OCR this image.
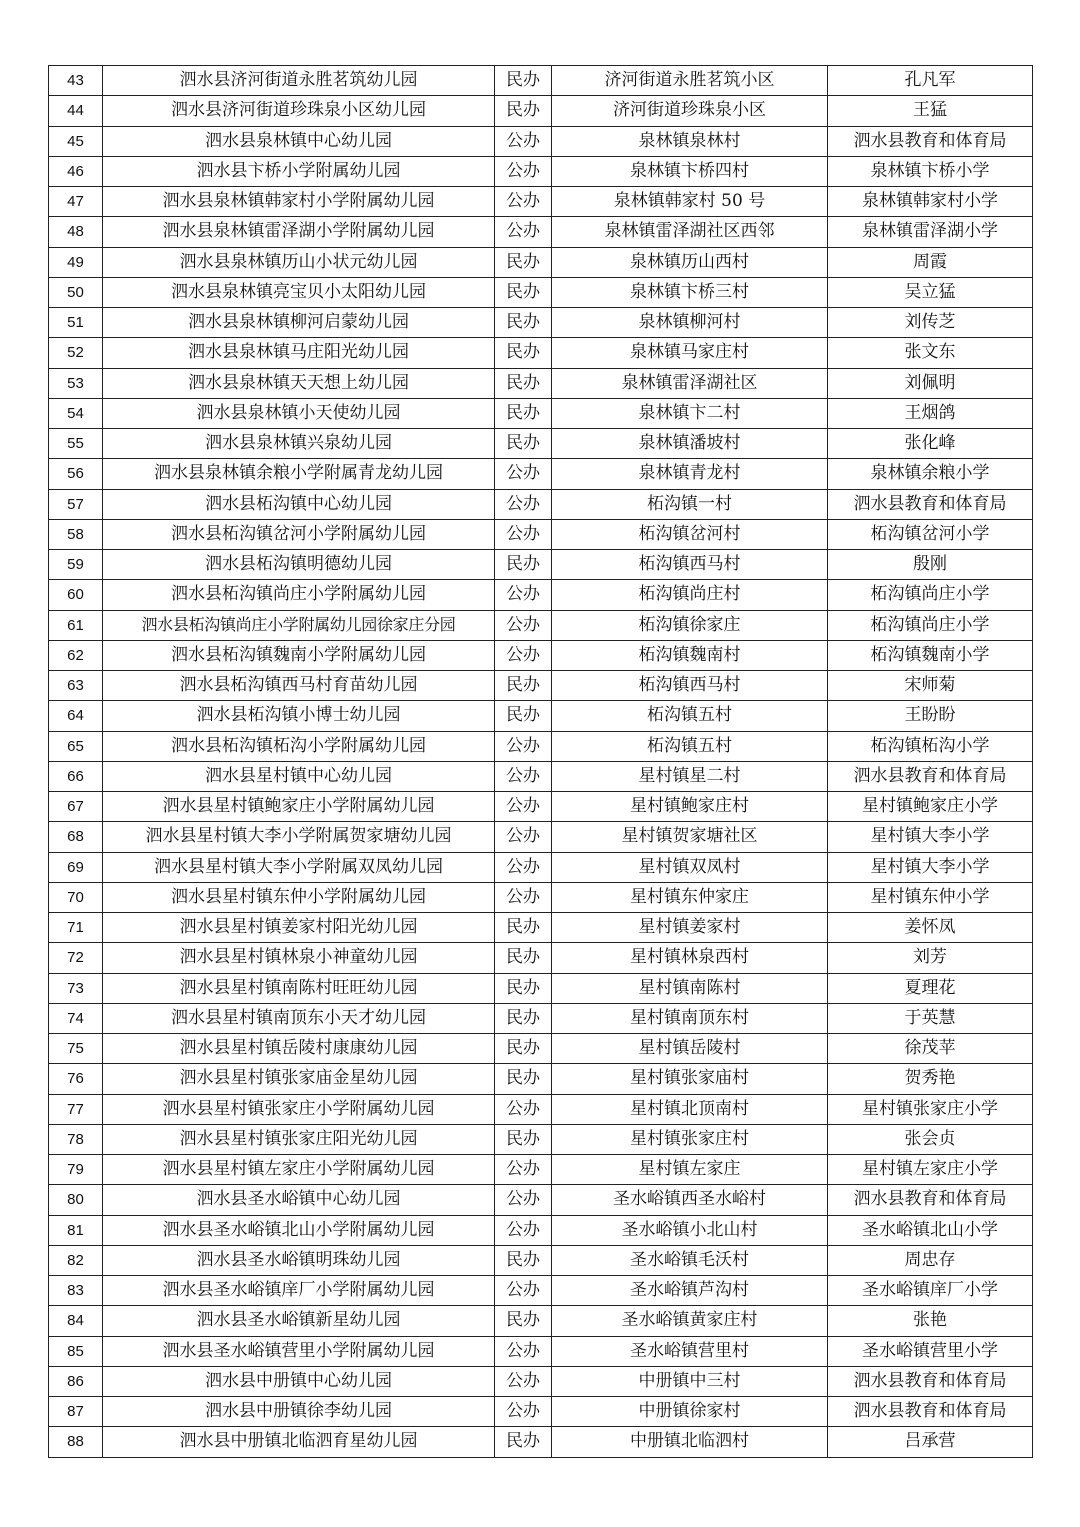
43	泗水县济河街道永胜茗筑幼儿园	民办	济河街道永胜茗筑小区	孔凡军
44	泗水县济河街道珍珠泉小区幼儿园	民办	济河街道珍珠泉小区	王猛
45	泗水县泉林镇中心幼儿园	公办	泉林镇泉林村	泗水县教育和体育局
46	泗水县卞桥小学附属幼儿园	公办	泉林镇卞桥四村	泉林镇卞桥小学
47	泗水县泉林镇韩家村小学附属幼儿园	公办	泉林镇韩家村 50 号	泉林镇韩家村小学
48	泗水县泉林镇雷泽湖小学附属幼儿园	公办	泉林镇雷泽湖社区西邻	泉林镇雷泽湖小学
49	泗水县泉林镇历山小状元幼儿园	民办	泉林镇历山西村	周霞
50	泗水县泉林镇亮宝贝小太阳幼儿园	民办	泉林镇卞桥三村	吴立猛
51	泗水县泉林镇柳河启蒙幼儿园	民办	泉林镇柳河村	刘传芝
52	泗水县泉林镇马庄阳光幼儿园	民办	泉林镇马家庄村	张文东
53	泗水县泉林镇天天想上幼儿园	民办	泉林镇雷泽湖社区	刘佩明
54	泗水县泉林镇小天使幼儿园	民办	泉林镇卞二村	王烟鸽
55	泗水县泉林镇兴泉幼儿园	民办	泉林镇潘坡村	张化峰
56	泗水县泉林镇余粮小学附属青龙幼儿园	公办	泉林镇青龙村	泉林镇余粮小学
57	泗水县柘沟镇中心幼儿园	公办	柘沟镇一村	泗水县教育和体育局
58	泗水县柘沟镇岔河小学附属幼儿园	公办	柘沟镇岔河村	柘沟镇岔河小学
59	泗水县柘沟镇明德幼儿园	民办	柘沟镇西马村	殷刚
60	泗水县柘沟镇尚庄小学附属幼儿园	公办	柘沟镇尚庄村	柘沟镇尚庄小学
61	泗水县柘沟镇尚庄小学附属幼儿园徐家庄分园	公办	柘沟镇徐家庄	柘沟镇尚庄小学
62	泗水县柘沟镇魏南小学附属幼儿园	公办	柘沟镇魏南村	柘沟镇魏南小学
63	泗水县柘沟镇西马村育苗幼儿园	民办	柘沟镇西马村	宋师菊
64	泗水县柘沟镇小博士幼儿园	民办	柘沟镇五村	王盼盼
65	泗水县柘沟镇柘沟小学附属幼儿园	公办	柘沟镇五村	柘沟镇柘沟小学
66	泗水县星村镇中心幼儿园	公办	星村镇星二村	泗水县教育和体育局
67	泗水县星村镇鲍家庄小学附属幼儿园	公办	星村镇鲍家庄村	星村镇鲍家庄小学
68	泗水县星村镇大李小学附属贺家塘幼儿园	公办	星村镇贺家塘社区	星村镇大李小学
69	泗水县星村镇大李小学附属双凤幼儿园	公办	星村镇双凤村	星村镇大李小学
70	泗水县星村镇东仲小学附属幼儿园	公办	星村镇东仲家庄	星村镇东仲小学
71	泗水县星村镇姜家村阳光幼儿园	民办	星村镇姜家村	姜怀凤
72	泗水县星村镇林泉小神童幼儿园	民办	星村镇林泉西村	刘芳
73	泗水县星村镇南陈村旺旺幼儿园	民办	星村镇南陈村	夏理花
74	泗水县星村镇南顶东小天才幼儿园	民办	星村镇南顶东村	于英慧
75	泗水县星村镇岳陵村康康幼儿园	民办	星村镇岳陵村	徐茂苹
76	泗水县星村镇张家庙金星幼儿园	民办	星村镇张家庙村	贺秀艳
77	泗水县星村镇张家庄小学附属幼儿园	公办	星村镇北顶南村	星村镇张家庄小学
78	泗水县星村镇张家庄阳光幼儿园	民办	星村镇张家庄村	张会贞
79	泗水县星村镇左家庄小学附属幼儿园	公办	星村镇左家庄	星村镇左家庄小学
80	泗水县圣水峪镇中心幼儿园	公办	圣水峪镇西圣水峪村	泗水县教育和体育局
81	泗水县圣水峪镇北山小学附属幼儿园	公办	圣水峪镇小北山村	圣水峪镇北山小学
82	泗水县圣水峪镇明珠幼儿园	民办	圣水峪镇毛沃村	周忠存
83	泗水县圣水峪镇庠厂小学附属幼儿园	公办	圣水峪镇芦沟村	圣水峪镇庠厂小学
84	泗水县圣水峪镇新星幼儿园	民办	圣水峪镇黄家庄村	张艳
85	泗水县圣水峪镇营里小学附属幼儿园	公办	圣水峪镇营里村	圣水峪镇营里小学
86	泗水县中册镇中心幼儿园	公办	中册镇中三村	泗水县教育和体育局
87	泗水县中册镇徐李幼儿园	公办	中册镇徐家村	泗水县教育和体育局
88	泗水县中册镇北临泗育星幼儿园	民办	中册镇北临泗村	吕承营
